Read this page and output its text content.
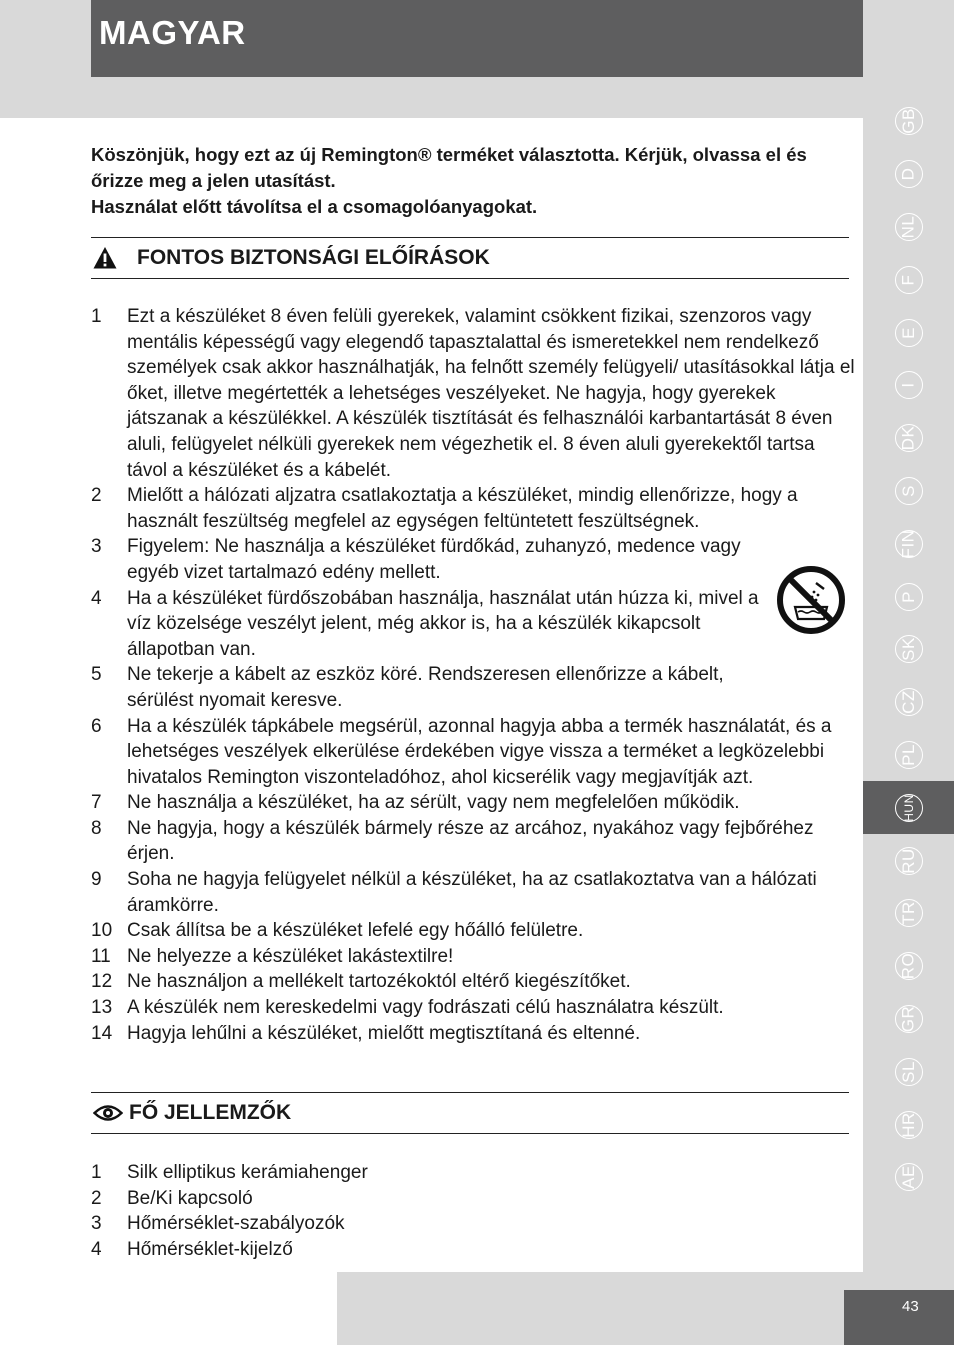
MAGYAR

Köszönjük, hogy ezt az új Remington® terméket választotta. Kérjük, olvassa el és őrizze meg a jelen utasítást.

Használat előtt távolítsa el a csomagolóanyagokat.

FONTOS BIZTONSÁGI ELŐÍRÁSOK
1	Ezt a készüléket 8 éven felüli gyerekek, valamint csökkent fizikai, szenzoros vagy mentális képességű vagy elegendő tapasztalattal és ismeretekkel nem rendelkező személyek csak akkor használhatják, ha felnőtt személy felügyeli/ utasításokkal látja el őket, illetve megértették a lehetséges veszélyeket. Ne hagyja, hogy gyerekek játszanak a készülékkel. A készülék tisztítását és felhasználói karbantartását 8 éven aluli, felügyelet nélküli gyerekek nem végezhetik el. 8 éven aluli gyerekektől tartsa távol a készüléket és a kábelét.
2	Mielőtt a hálózati aljzatra csatlakoztatja a készüléket, mindig ellenőrizze, hogy a használt feszültség megfelel az egységen feltüntetett feszültségnek.
3	Figyelem: Ne használja a készüléket fürdőkád, zuhanyzó, medence vagy egyéb vizet tartalmazó edény mellett.
4	Ha a készüléket fürdőszobában használja, használat után húzza ki, mivel a víz közelsége veszélyt jelent, még akkor is, ha a készülék kikapcsolt állapotban van.
5	Ne tekerje a kábelt az eszköz köré. Rendszeresen ellenőrizze a kábelt, sérülést nyomait keresve.
6	Ha a készülék tápkábele megsérül, azonnal hagyja abba a termék használatát, és a lehetséges veszélyek elkerülése érdekében vigye vissza a terméket a legközelebbi hivatalos Remington viszonteladóhoz, ahol kicserélik vagy megjavítják azt.
7	Ne használja a készüléket, ha az sérült, vagy nem megfelelően működik.
8	Ne hagyja, hogy a készülék bármely része az arcához, nyakához vagy fejbőréhez érjen.
9	Soha ne hagyja felügyelet nélkül a készüléket, ha az csatlakoztatva van a hálózati áramkörre.
10 Csak állítsa be a készüléket lefelé egy hőálló felületre.
11 Ne helyezze a készüléket lakástextilre!
12 Ne használjon a mellékelt tartozékoktól eltérő kiegészítőket.
13 A készülék nem kereskedelmi vagy fodrászati célú használatra készült.
14 Hagyja lehűlni a készüléket, mielőtt megtisztítaná és eltenné.
FŐ JELLEMZŐK
1	Silk elliptikus kerámiahenger
2	Be/Ki kapcsoló
3	Hőmérséklet-szabályozók
4	Hőmérséklet-kijelző
GB
D
NL
F
E
I
DK
S
FIN
P
SK
CZ
PL
HUN
RU
TR
RO
GR
SL
HR
AE
43
